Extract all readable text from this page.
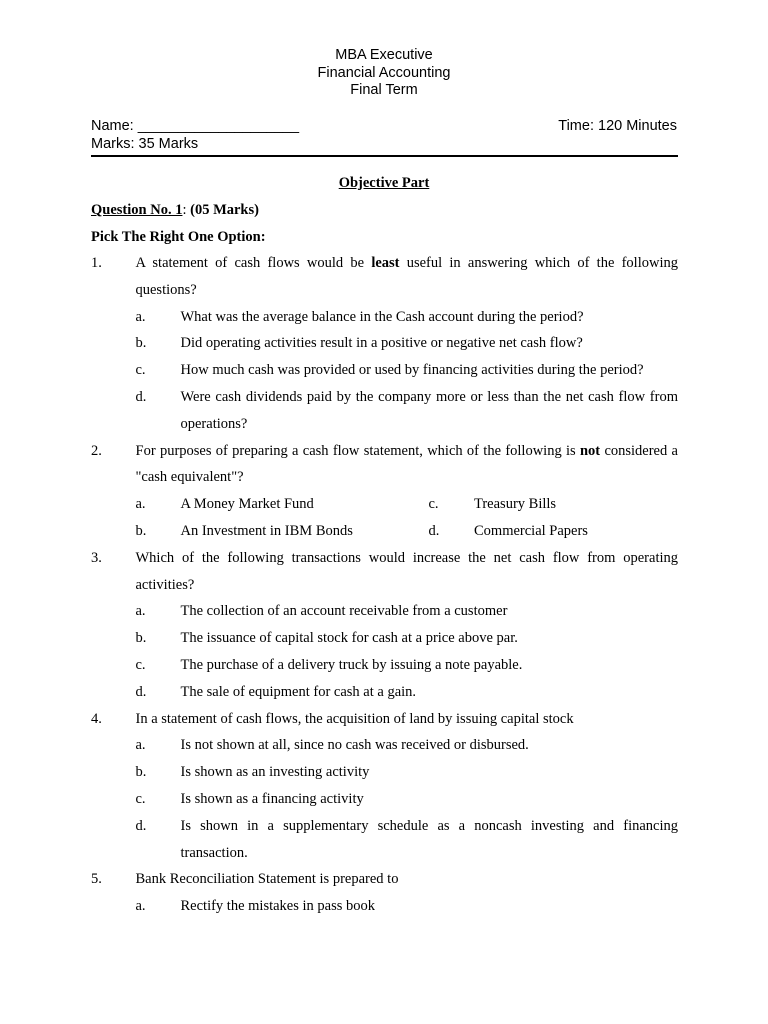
MBA Executive
Financial Accounting
Final Term
Name: ____________________	Time: 120 Minutes
Marks: 35 Marks
Objective Part
Question No. 1: (05 Marks)
Pick The Right One Option:
1. A statement of cash flows would be least useful in answering which of the following questions?
a. What was the average balance in the Cash account during the period?
b. Did operating activities result in a positive or negative net cash flow?
c. How much cash was provided or used by financing activities during the period?
d. Were cash dividends paid by the company more or less than the net cash flow from operations?
2. For purposes of preparing a cash flow statement, which of the following is not considered a "cash equivalent"?
a. A Money Market Fund	c. Treasury Bills
b. An Investment in IBM Bonds	d. Commercial Papers
3. Which of the following transactions would increase the net cash flow from operating activities?
a. The collection of an account receivable from a customer
b. The issuance of capital stock for cash at a price above par.
c. The purchase of a delivery truck by issuing a note payable.
d. The sale of equipment for cash at a gain.
4. In a statement of cash flows, the acquisition of land by issuing capital stock
a. Is not shown at all, since no cash was received or disbursed.
b. Is shown as an investing activity
c. Is shown as a financing activity
d. Is shown in a supplementary schedule as a noncash investing and financing transaction.
5. Bank Reconciliation Statement is prepared to
a. Rectify the mistakes in pass book
